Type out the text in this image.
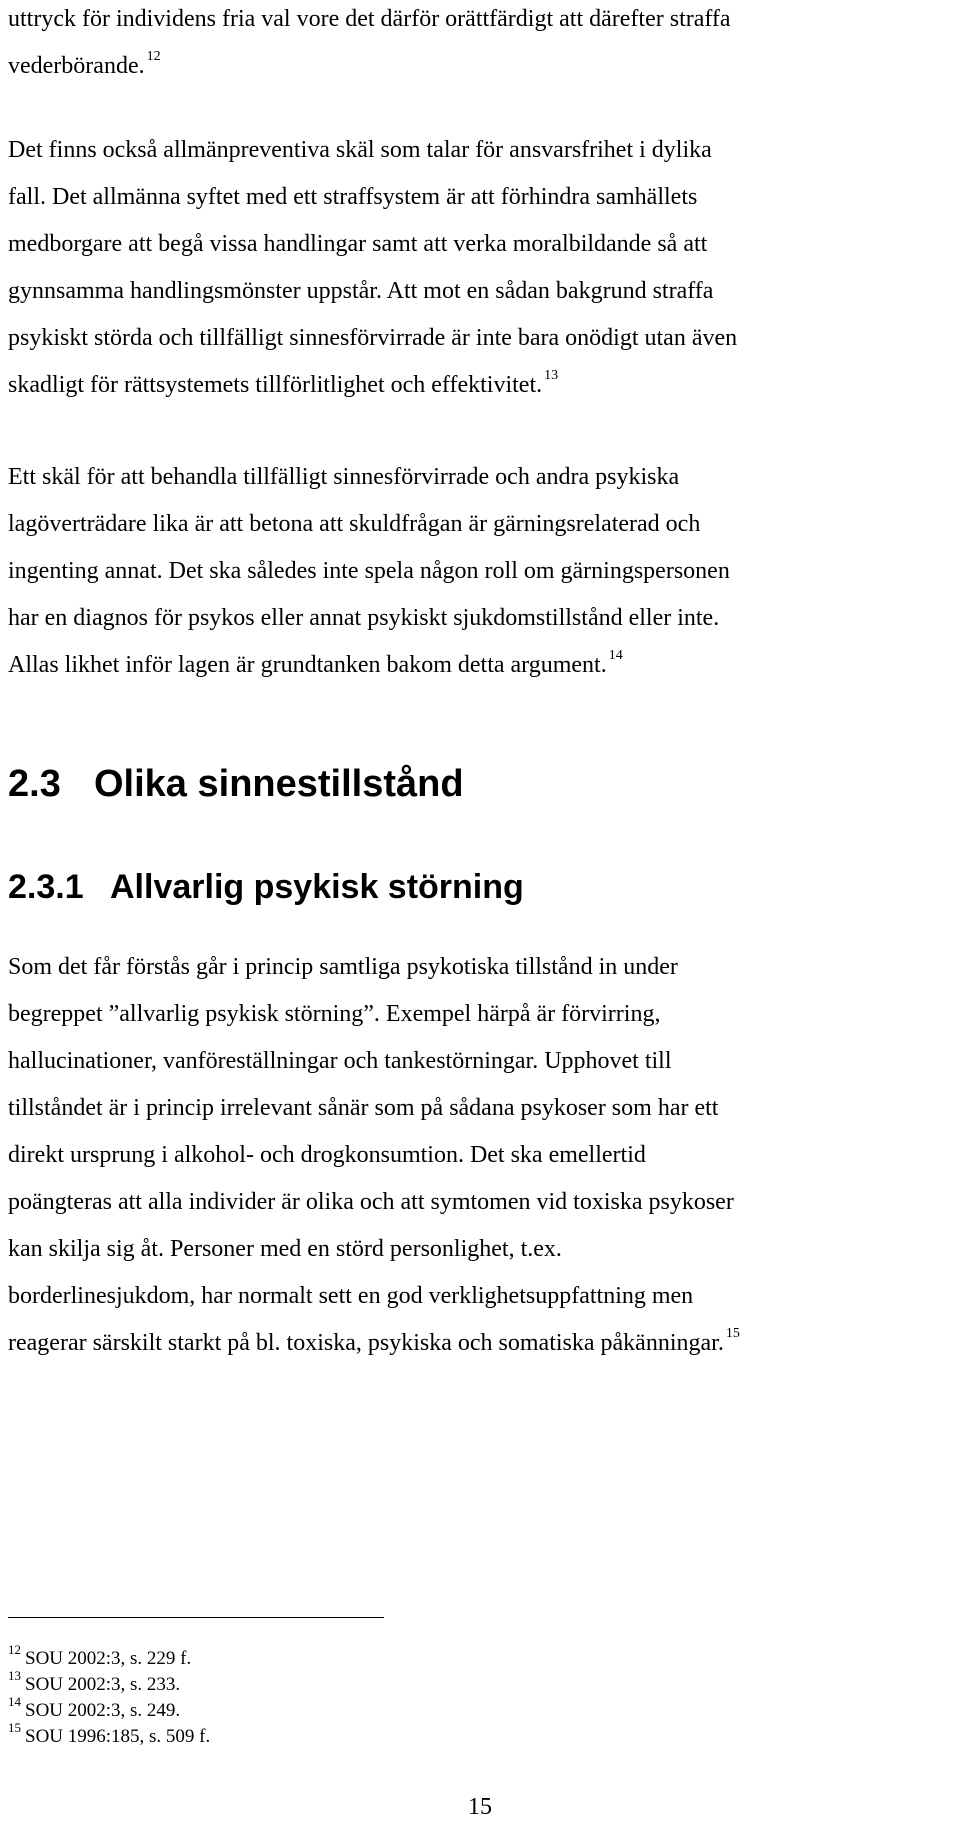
uttryck för individens fria val vore det därför orättfärdigt att därefter straffa
vederbörande. $^{12}$
Det finns också allmänpreventiva skäl som talar för ansvarsfrihet i dylika
fall. Det allmänna syftet med ett straffsystem är att förhindra samhällets
medborgare att begå vissa handlingar samt att verka moralbildande så att
gynnsamma handlingsmönster uppstår. Att mot en sådan bakgrund straffa
psykiskt störda och tillfälligt sinnesförvirrade är inte bara onödigt utan även
skadligt för rättsystemets tillförlitlighet och effektivitet. $^{13}$
Ett skäl för att behandla tillfälligt sinnesförvirrade och andra psykiska
lagöverträdare lika är att betona att skuldfrågan är gärningsrelaterad och
ingenting annat. Det ska således inte spela någon roll om gärningspersonen
har en diagnos för psykos eller annat psykiskt sjukdomstillstånd eller inte.
Allas likhet inför lagen är grundtanken bakom detta argument. $^{14}$
2.3 Olika sinnestillstånd
2.3.1 Allvarlig psykisk störning
Som det får förstås går i princip samtliga psykotiska tillstånd in under
begreppet ”allvarlig psykisk störning”. Exempel härpå är förvirring,
hallucinationer, vanföreställningar och tankestörningar. Upphovet till
tillståndet är i princip irrelevant sånär som på sådana psykoser som har ett
direkt ursprung i alkohol- och drogkonsumtion. Det ska emellertid
poängteras att alla individer är olika och att symtomen vid toxiska psykoser
kan skilja sig åt. Personer med en störd personlighet, t.ex.
borderlinesjukdom, har normalt sett en god verklighetsuppfattning men
reagerar särskilt starkt på bl. toxiska, psykiska och somatiska påkänningar. $^{15}$
$^{12}$ SOU 2002:3, s. 229 f.
$^{13}$ SOU 2002:3, s. 233.
$^{14}$ SOU 2002:3, s. 249.
$^{15}$ SOU 1996:185, s. 509 f.
15
